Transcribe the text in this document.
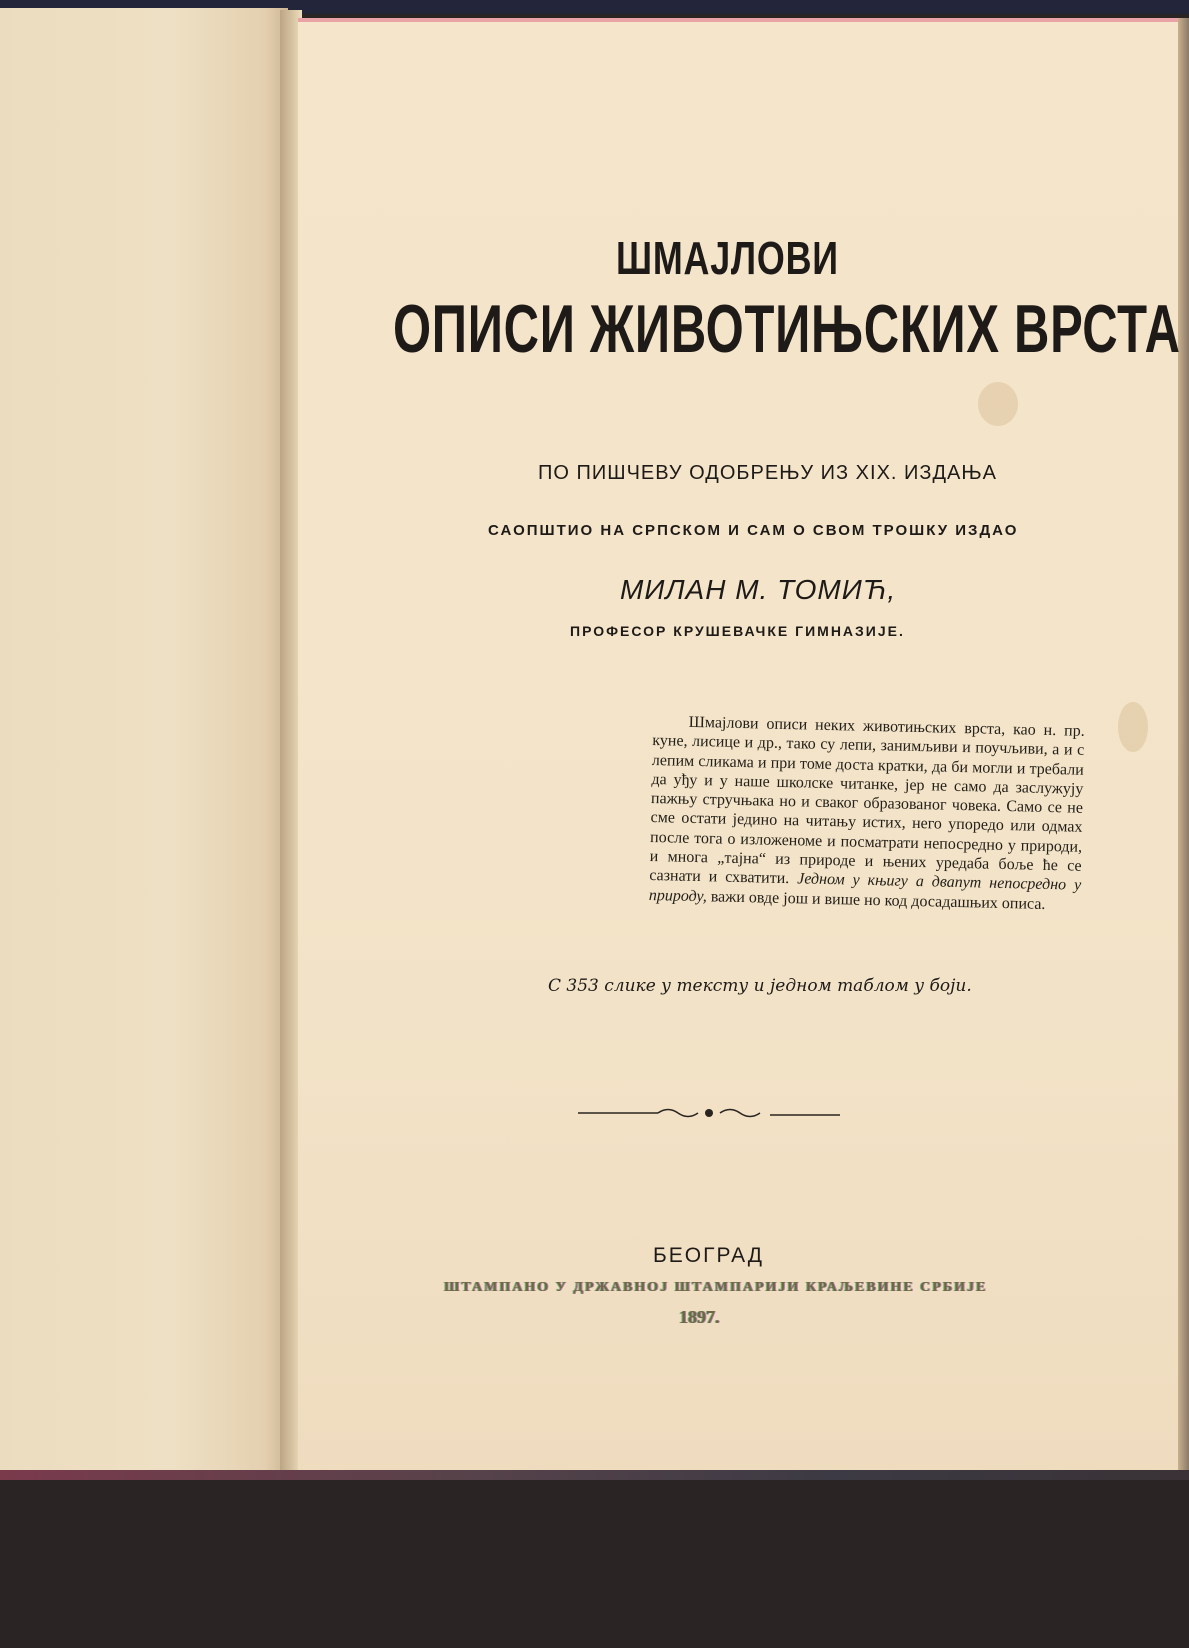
ШМАЈЛОВИ
ОПИСИ ЖИВОТИЊСКИХ ВРСТА
ПО ПИШЧЕВУ ОДОБРЕЊУ ИЗ XIX. ИЗДАЊА
САОПШТИО НА СРПСКОМ И САМ О СВОМ ТРОШКУ ИЗДАО
МИЛАН М. ТОМИЋ,
ПРОФЕСОР КРУШЕВАЧКЕ ГИМНАЗИЈЕ.
Шмајлови описи неких животињских врста, као н. пр. куне, лисице и др., тако су лепи, занимљиви и поучљиви, а и с лепим сликама и при томе доста кратки, да би могли и требали да уђу и у наше школске читанке, јер не само да заслужују пажњу стручњака но и сваког образованог човека. Само се не сме остати једино на читању истих, него упоредо или одмах после тога о изложеноме и посматрати непосредно у природи, и многа „тајна“ из природе и њених уредаба боље ће се сазнати и схватити. Једном у књигу а двапут непосредно у природу, важи овде још и више но код досадашњих описа.
С 353 слике у тексту и једном таблом у боји.
БЕОГРАД
ШТАМПАНО У ДРЖАВНОЈ ШТАМПАРИЈИ КРАЉЕВИНЕ СРБИЈЕ
1897.
